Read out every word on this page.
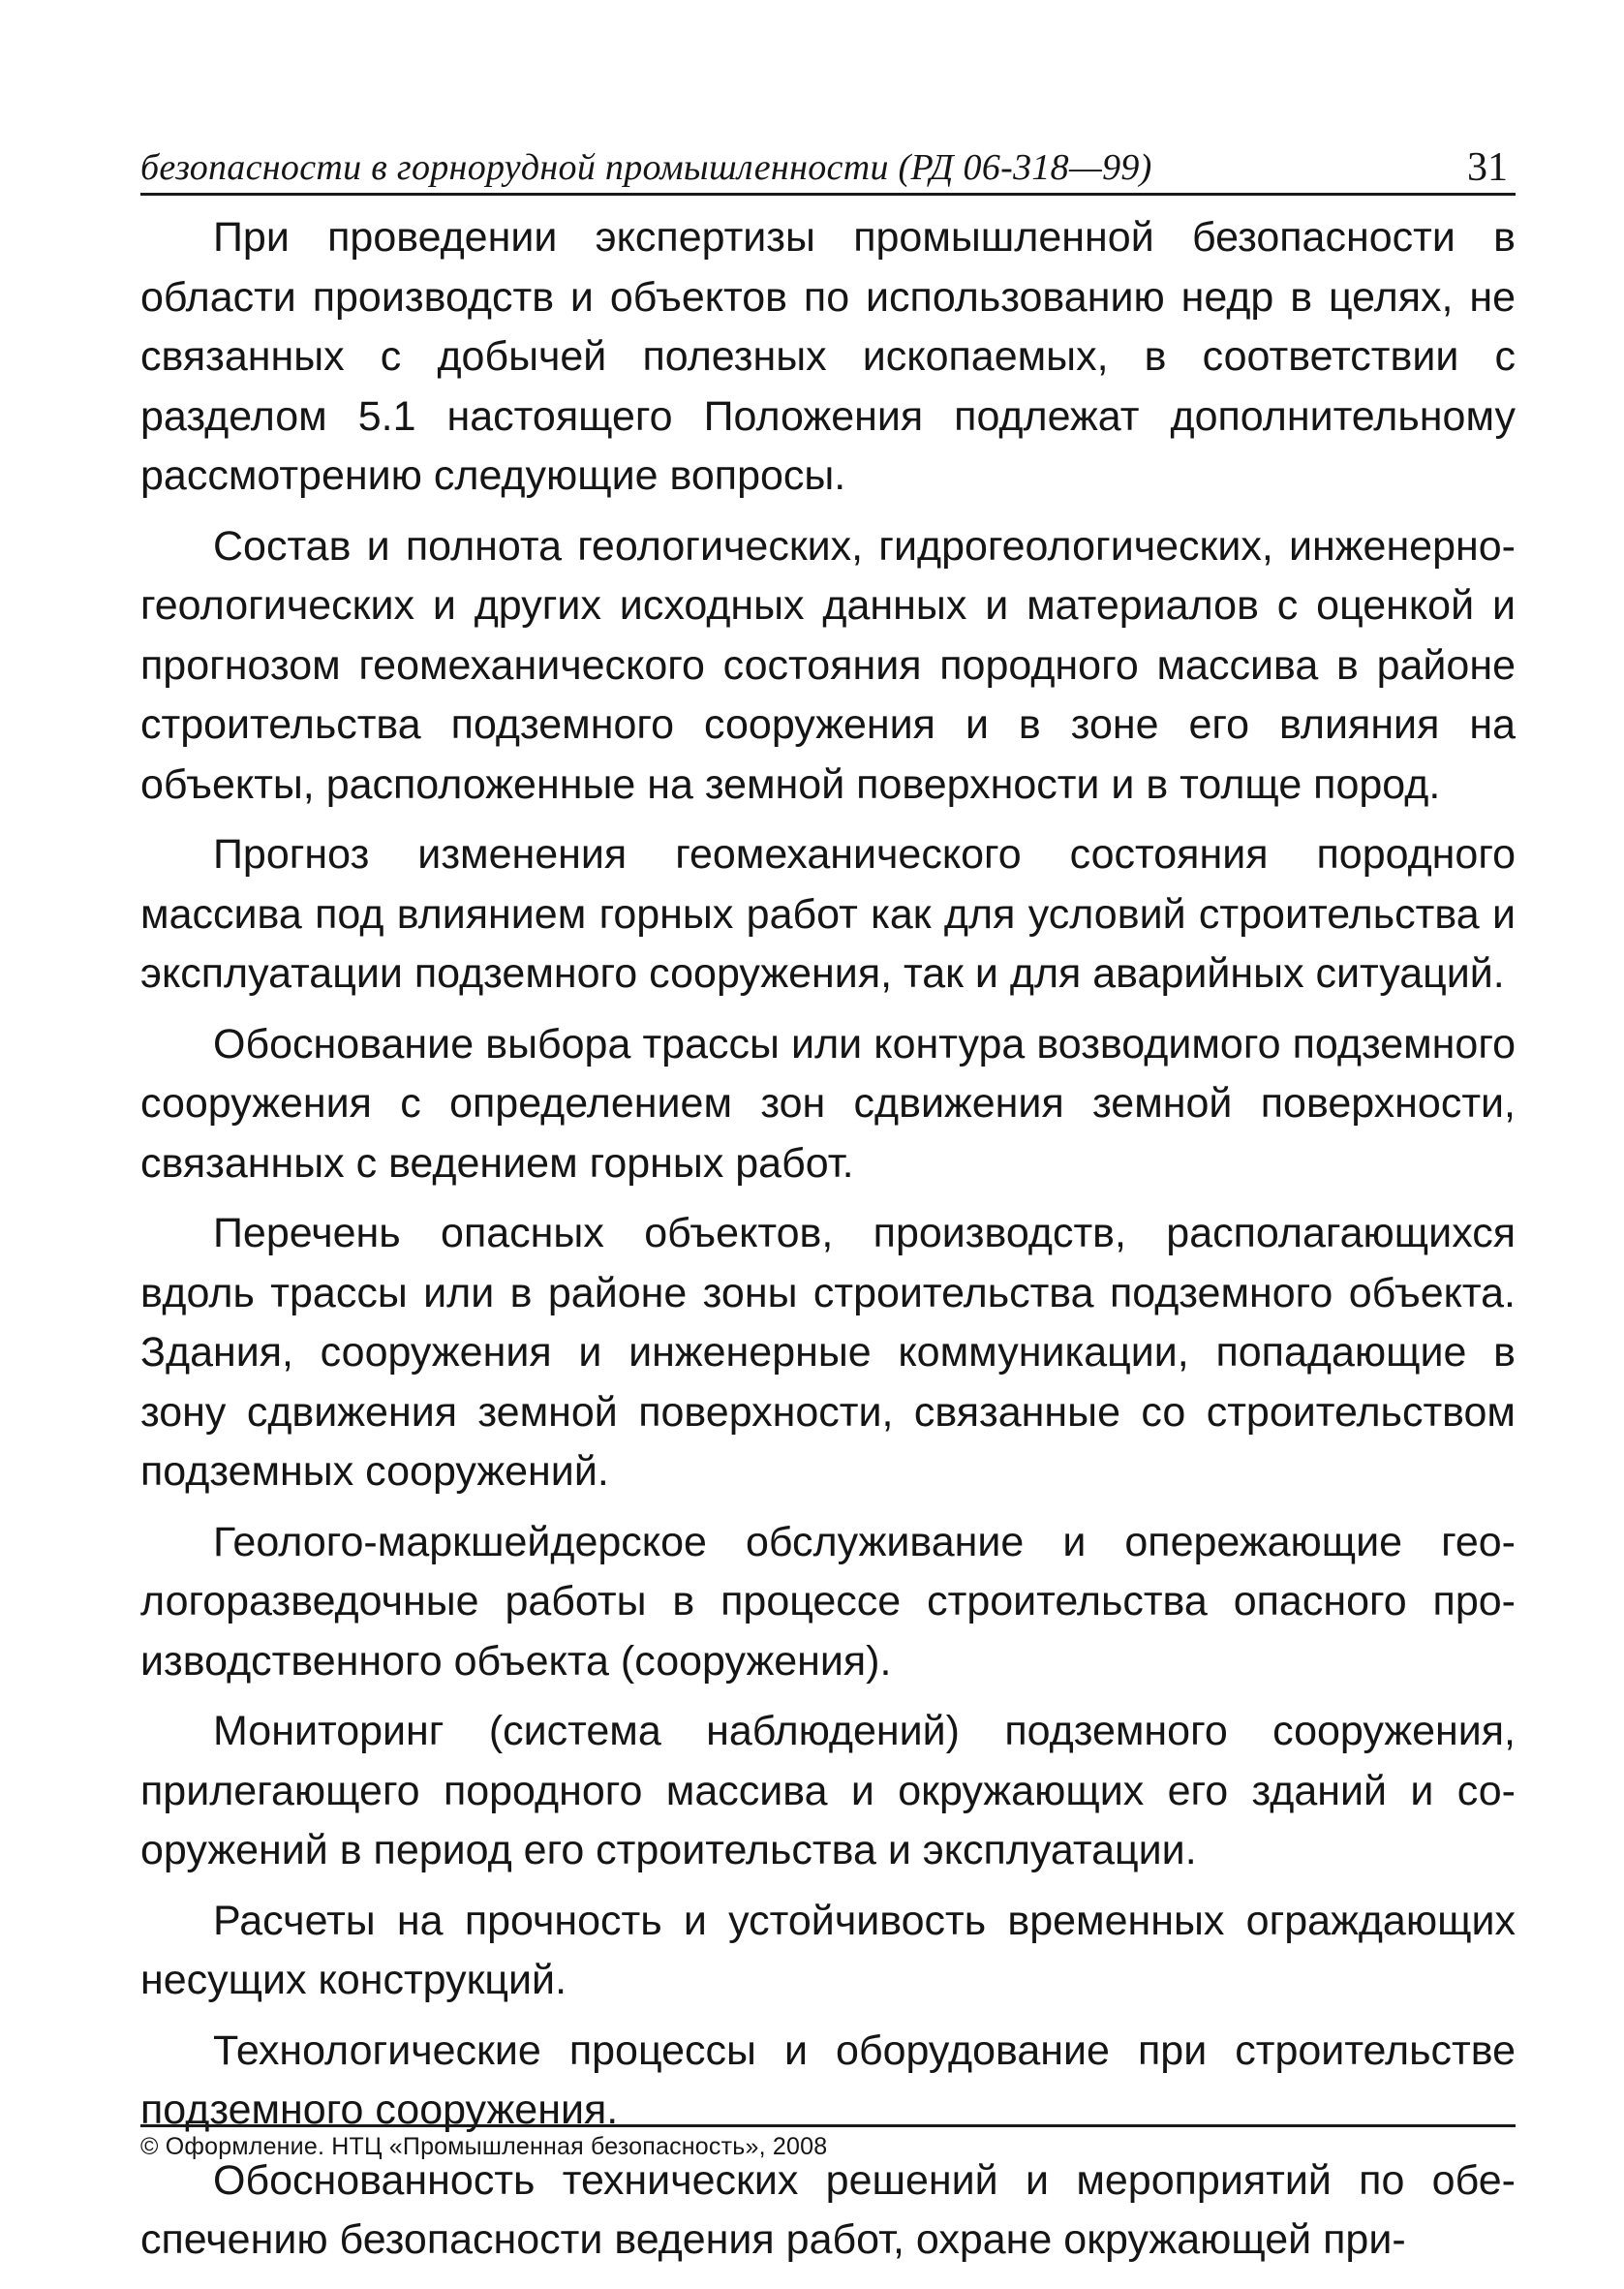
безопасности в горнорудной промышленности (РД 06-318—99)	31

При проведении экспертизы промышленной безопасности в области производств и объектов по использованию недр в целях, не связанных с добычей полезных ископаемых, в соответствии с разделом 5.1 настоящего Положения подлежат дополнительному рассмотрению следующие вопросы.

Состав и полнота геологических, гидрогеологических, инженерно-геологических и других исходных данных и материалов с оценкой и прогнозом геомеханического состояния породного массива в районе строительства подземного сооружения и в зоне его влияния на объекты, расположенные на земной поверхности и в толще пород.

Прогноз изменения геомеханического состояния породного массива под влиянием горных работ как для условий строительства и эксплуатации подземного сооружения, так и для аварийных ситуаций.

Обоснование выбора трассы или контура возводимого подземного сооружения с определением зон сдвижения земной поверхности, связанных с ведением горных работ.

Перечень опасных объектов, производств, располагающихся вдоль трассы или в районе зоны строительства подземного объекта. Здания, сооружения и инженерные коммуникации, попадающие в зону сдвижения земной поверхности, связанные со строительством подземных сооружений.

Геолого-маркшейдерское обслуживание и опережающие геологоразведочные работы в процессе строительства опасного производственного объекта (сооружения).

Мониторинг (система наблюдений) подземного сооружения, прилегающего породного массива и окружающих его зданий и сооружений в период его строительства и эксплуатации.

Расчеты на прочность и устойчивость временных ограждающих несущих конструкций.

Технологические процессы и оборудование при строительстве подземного сооружения.

Обоснованность технических решений и мероприятий по обеспечению безопасности ведения работ, охране окружающей при-

© Оформление. НТЦ «Промышленная безопасность», 2008
